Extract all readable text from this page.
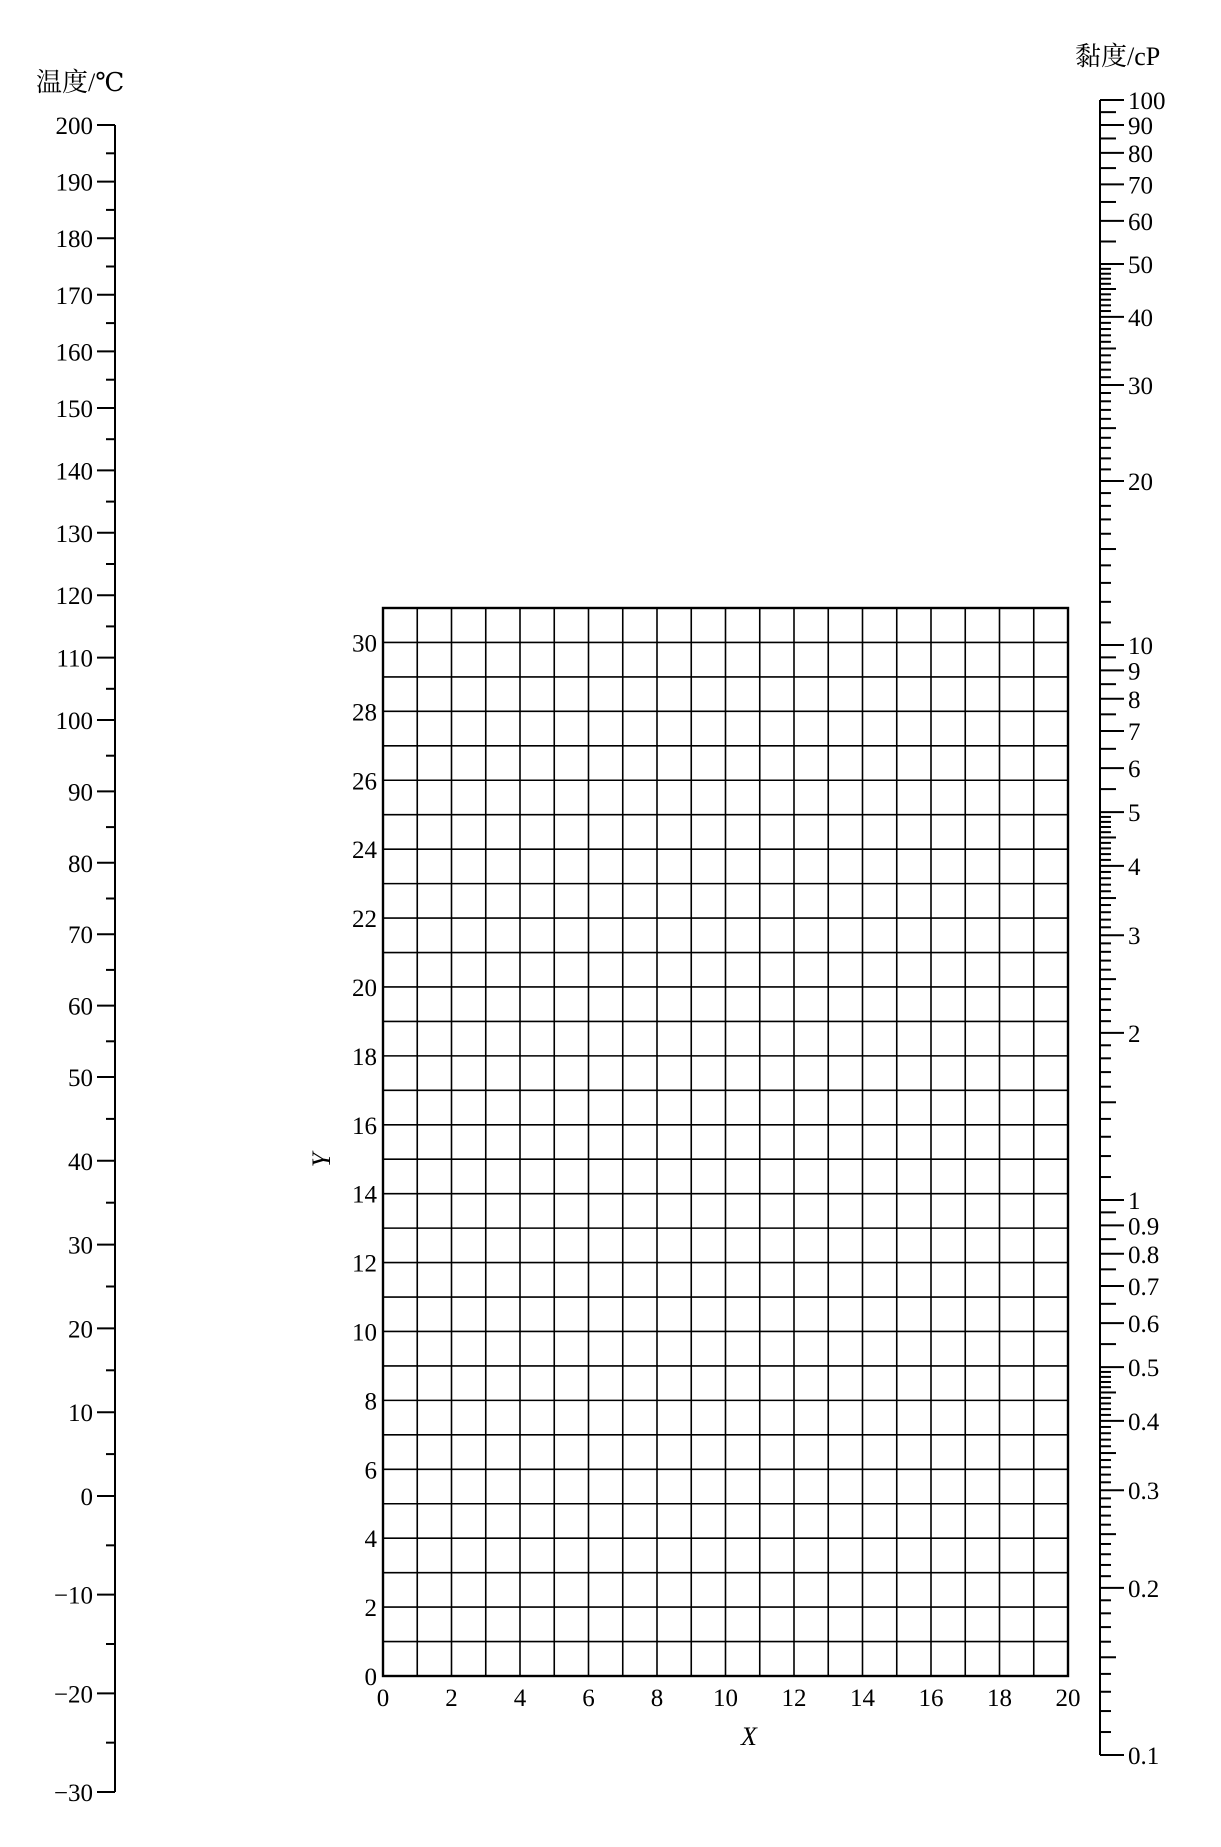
温度/℃
200
190
180
170
160
150
140
130
120
110
100
90
80
70
60
50
40
30
20
10
0
−10
−20
−30
黏度/cP
100
90
80
70
60
50
40
30
20
10
9
8
7
6
5
4
3
2
1
0.9
0.8
0.7
0.6
0.5
0.4
0.3
0.2
0.1
X
Y
0 2 4 6 8 10 12 14 16 18 20
0
2
4
6
8
10
12
14
16
18
20
22
24
26
28
30
